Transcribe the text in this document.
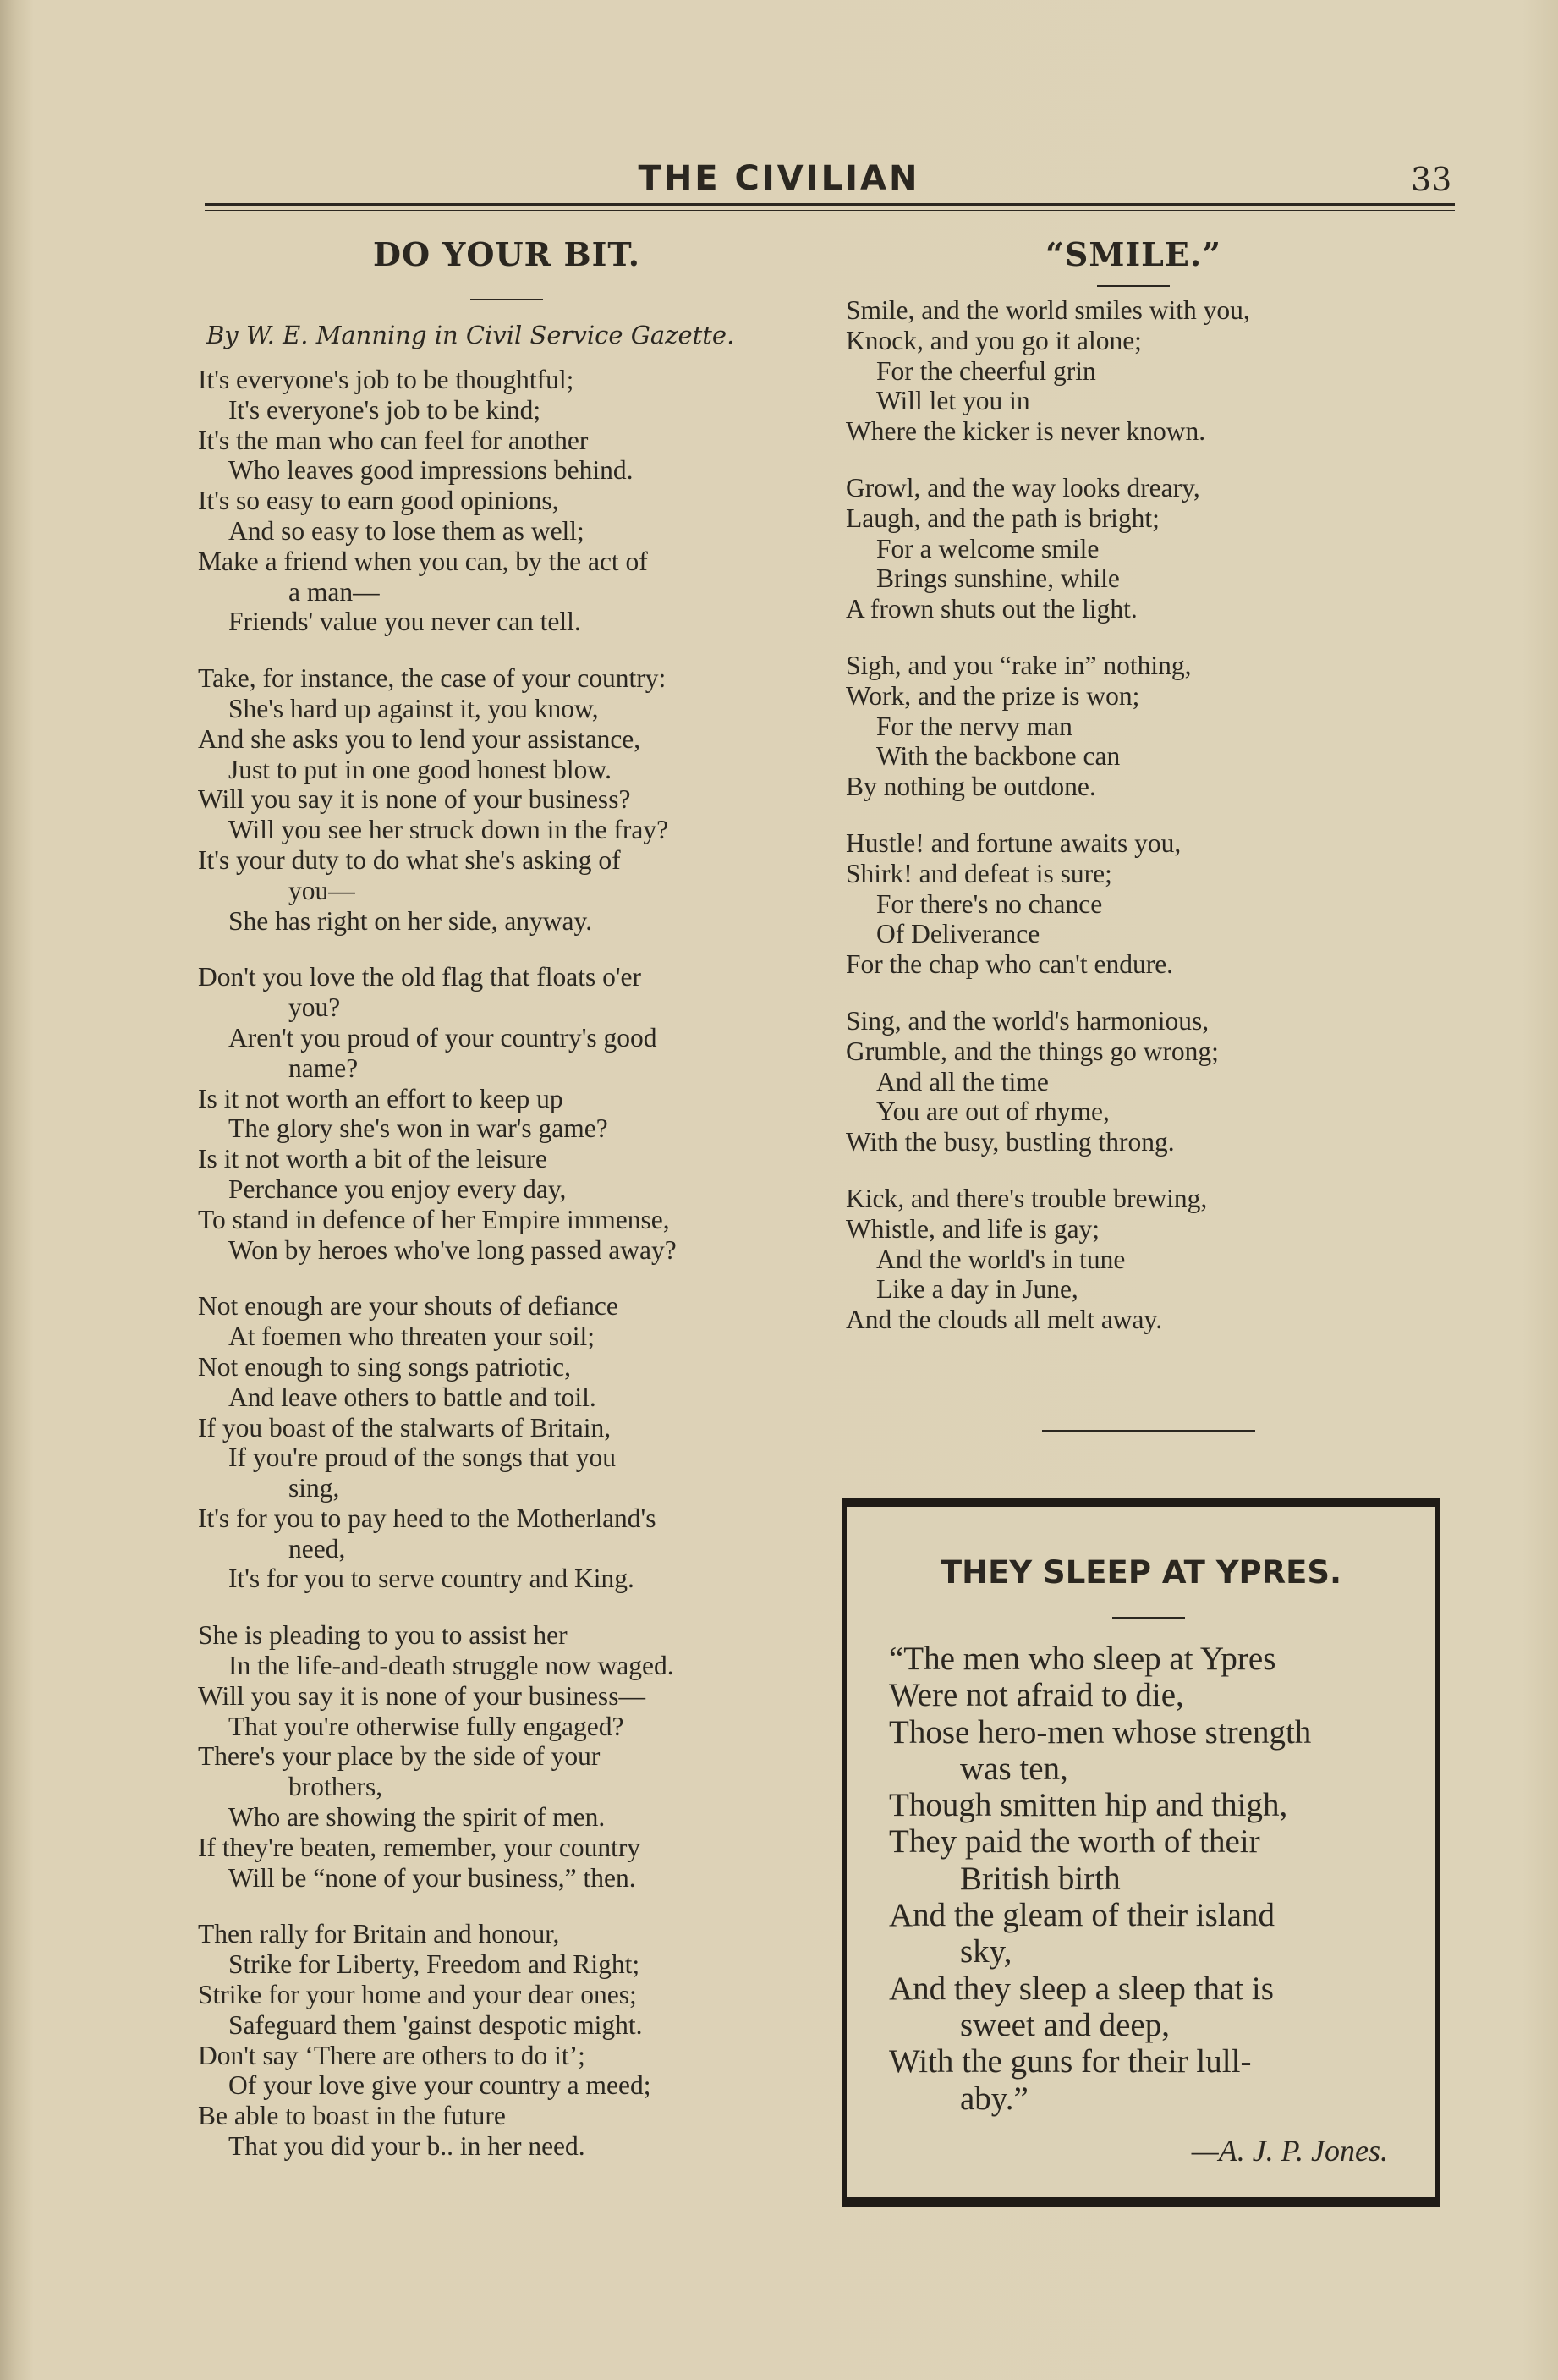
THE CIVILIAN	33
DO YOUR BIT.
By W. E. Manning in Civil Service Gazette.
It's everyone's job to be thoughtful;
It's everyone's job to be kind;
It's the man who can feel for another
Who leaves good impressions behind.
It's so easy to earn good opinions,
And so easy to lose them as well;
Make a friend when you can, by the act of
a man—
Friends' value you never can tell.
Take, for instance, the case of your country:
She's hard up against it, you know,
And she asks you to lend your assistance,
Just to put in one good honest blow.
Will you say it is none of your business?
Will you see her struck down in the fray?
It's your duty to do what she's asking of
you—
She has right on her side, anyway.
Don't you love the old flag that floats o'er
you?
Aren't you proud of your country's good
name?
Is it not worth an effort to keep up
The glory she's won in war's game?
Is it not worth a bit of the leisure
Perchance you enjoy every day,
To stand in defence of her Empire immense,
Won by heroes who've long passed away?
Not enough are your shouts of defiance
At foemen who threaten your soil;
Not enough to sing songs patriotic,
And leave others to battle and toil.
If you boast of the stalwarts of Britain,
If you're proud of the songs that you
sing,
It's for you to pay heed to the Motherland's
need,
It's for you to serve country and King.
She is pleading to you to assist her
In the life-and-death struggle now waged.
Will you say it is none of your business—
That you're otherwise fully engaged?
There's your place by the side of your
brothers,
Who are showing the spirit of men.
If they're beaten, remember, your country
Will be “none of your business,” then.
Then rally for Britain and honour,
Strike for Liberty, Freedom and Right;
Strike for your home and your dear ones;
Safeguard them 'gainst despotic might.
Don't say ‘There are others to do it’;
Of your love give your country a meed;
Be able to boast in the future
That you did your b.. in her need.
“SMILE.”
Smile, and the world smiles with you,
Knock, and you go it alone;
For the cheerful grin
Will let you in
Where the kicker is never known.
Growl, and the way looks dreary,
Laugh, and the path is bright;
For a welcome smile
Brings sunshine, while
A frown shuts out the light.
Sigh, and you “rake in” nothing,
Work, and the prize is won;
For the nervy man
With the backbone can
By nothing be outdone.
Hustle! and fortune awaits you,
Shirk! and defeat is sure;
For there's no chance
Of Deliverance
For the chap who can't endure.
Sing, and the world's harmonious,
Grumble, and the things go wrong;
And all the time
You are out of rhyme,
With the busy, bustling throng.
Kick, and there's trouble brewing,
Whistle, and life is gay;
And the world's in tune
Like a day in June,
And the clouds all melt away.
THEY SLEEP AT YPRES.
“The men who sleep at Ypres
Were not afraid to die,
Those hero-men whose strength
was ten,
Though smitten hip and thigh,
They paid the worth of their
British birth
And the gleam of their island
sky,
And they sleep a sleep that is
sweet and deep,
With the guns for their lull-
aby.”
—A. J. P. Jones.
